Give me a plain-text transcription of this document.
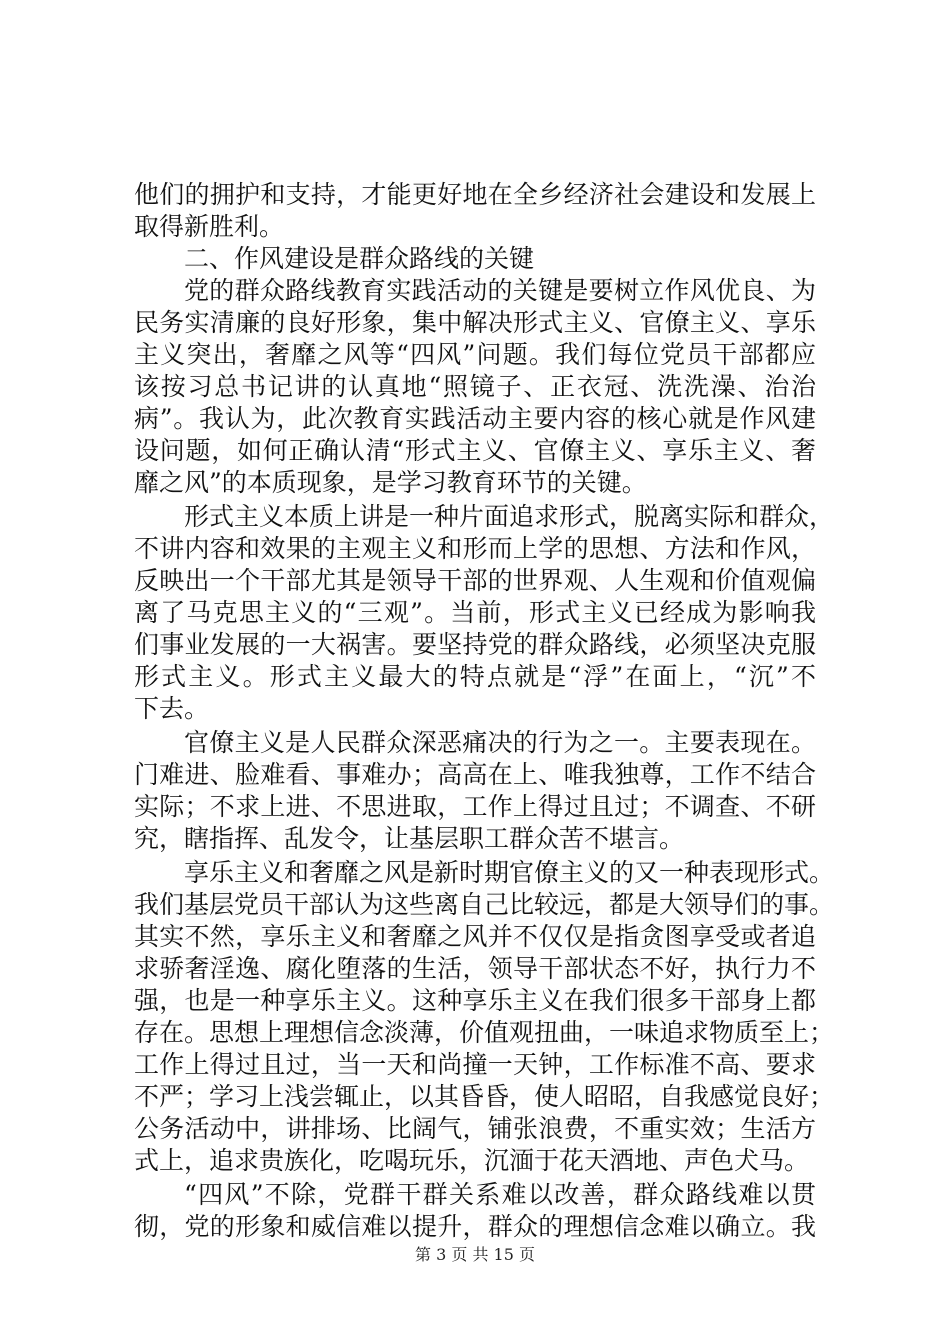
他们的拥护和支持，才能更好地在全乡经济社会建设和发展上
取得新胜利。
二、作风建设是群众路线的关键
党的群众路线教育实践活动的关键是要树立作风优良、为
民务实清廉的良好形象，集中解决形式主义、官僚主义、享乐
主义突出，奢靡之风等“四风”问题。我们每位党员干部都应
该按习总书记讲的认真地“照镜子、正衣冠、洗洗澡、治治
病”。我认为，此次教育实践活动主要内容的核心就是作风建
设问题，如何正确认清“形式主义、官僚主义、享乐主义、奢
靡之风”的本质现象，是学习教育环节的关键。
形式主义本质上讲是一种片面追求形式，脱离实际和群众，
不讲内容和效果的主观主义和形而上学的思想、方法和作风，
反映出一个干部尤其是领导干部的世界观、人生观和价值观偏
离了马克思主义的“三观”。当前，形式主义已经成为影响我
们事业发展的一大祸害。要坚持党的群众路线，必须坚决克服
形式主义。形式主义最大的特点就是“浮”在面上，“沉”不
下去。
官僚主义是人民群众深恶痛决的行为之一。主要表现在。
门难进、脸难看、事难办；高高在上、唯我独尊，工作不结合
实际；不求上进、不思进取，工作上得过且过；不调查、不研
究，瞎指挥、乱发令，让基层职工群众苦不堪言。
享乐主义和奢靡之风是新时期官僚主义的又一种表现形式。
我们基层党员干部认为这些离自己比较远，都是大领导们的事。
其实不然，享乐主义和奢靡之风并不仅仅是指贪图享受或者追
求骄奢淫逸、腐化堕落的生活，领导干部状态不好，执行力不
强，也是一种享乐主义。这种享乐主义在我们很多干部身上都
存在。思想上理想信念淡薄，价值观扭曲，一味追求物质至上；
工作上得过且过，当一天和尚撞一天钟，工作标准不高、要求
不严；学习上浅尝辄止，以其昏昏，使人昭昭，自我感觉良好；
公务活动中，讲排场、比阔气，铺张浪费，不重实效；生活方
式上，追求贵族化，吃喝玩乐，沉湎于花天酒地、声色犬马。
“四风”不除，党群干群关系难以改善，群众路线难以贯
彻，党的形象和威信难以提升，群众的理想信念难以确立。我
第 3 页 共 15 页
